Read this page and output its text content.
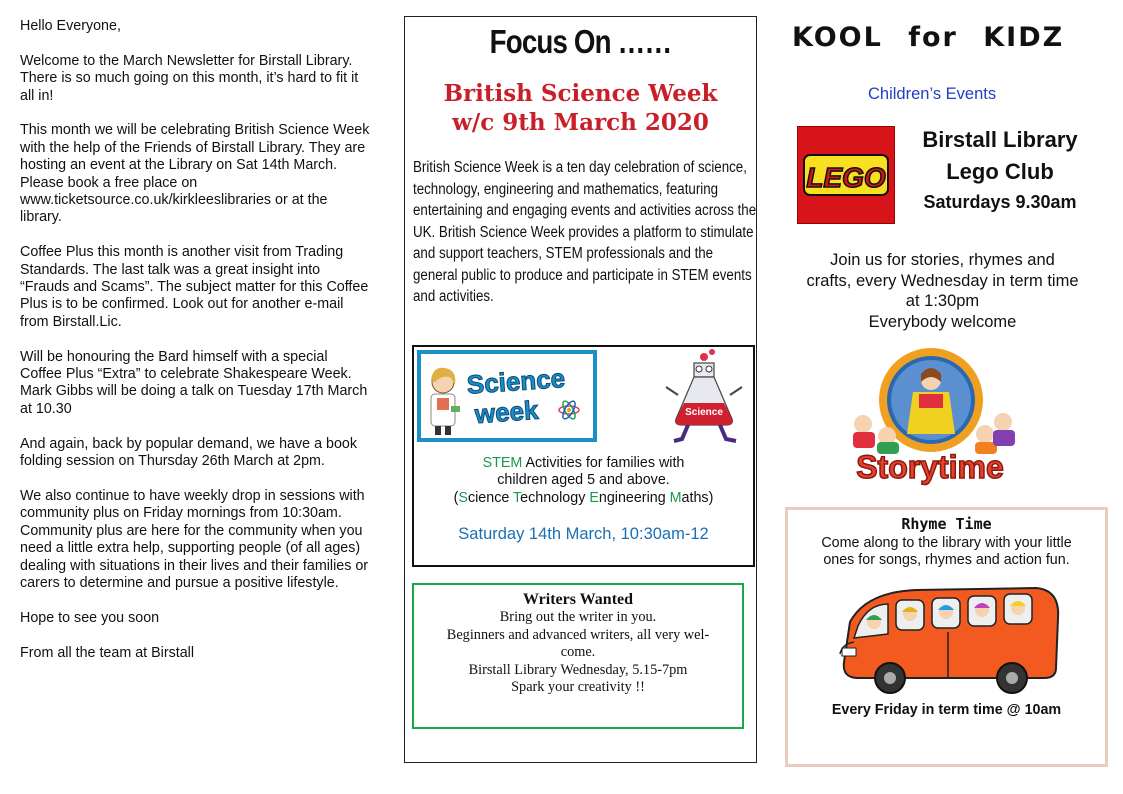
Hello Everyone,

Welcome to the March Newsletter for Birstall Library. There is so much going on this month, it’s hard to fit it all in!

This month we will be celebrating British Science Week with the help of the Friends of Birstall Library. They are hosting an event at the Library on Sat 14th March. Please book a free place on www.ticketsource.co.uk/kirkleeslibraries or at the library.

Coffee Plus this month is another visit from Trading Standards. The last talk was a great insight into “Frauds and Scams”. The subject matter for this Coffee Plus is to be confirmed. Look out for another e-mail from Birstall.Lic.

Will be honouring the Bard himself with a special Coffee Plus “Extra” to celebrate Shakespeare Week. Mark Gibbs will be doing a talk on Tuesday 17th March at 10.30

And again, back by popular demand, we have a book folding session on Thursday 26th March at 2pm.

We also continue to have weekly drop in sessions with community plus on Friday mornings from 10:30am. Community plus are here for the community when you need a little extra help, supporting people (of all ages) dealing with situations in their lives and their families or carers to determine and pursue a positive lifestyle.

Hope to see you soon

From all the team at Birstall

Focus On ……
British Science Week
w/c 9th March 2020
British Science Week is a ten day celebration of science, technology, engineering and mathematics, featuring entertaining and engaging events and activities across the UK. British Science Week provides a platform to stimulate and support teachers, STEM professionals and the general public to produce and participate in STEM events and activities.
Science
week	Science
STEM Activities for families with
children aged 5 and above.
(Science Technology Engineering Maths)
Saturday 14th March, 10:30am-12
Writers Wanted
Bring out the writer in you.
Beginners and advanced writers, all very wel-
come.
Birstall Library Wednesday, 5.15-7pm
Spark your creativity !!
KOOL for KIDZ
Children’s Events
LEGO
Birstall Library
Lego Club
Saturdays 9.30am
Join us for stories, rhymes and
crafts, every Wednesday in term time
at 1:30pm
Everybody welcome
Storytime
Rhyme Time
Come along to the library with your little
ones for songs, rhymes and action fun.
Every Friday in term time @ 10am
